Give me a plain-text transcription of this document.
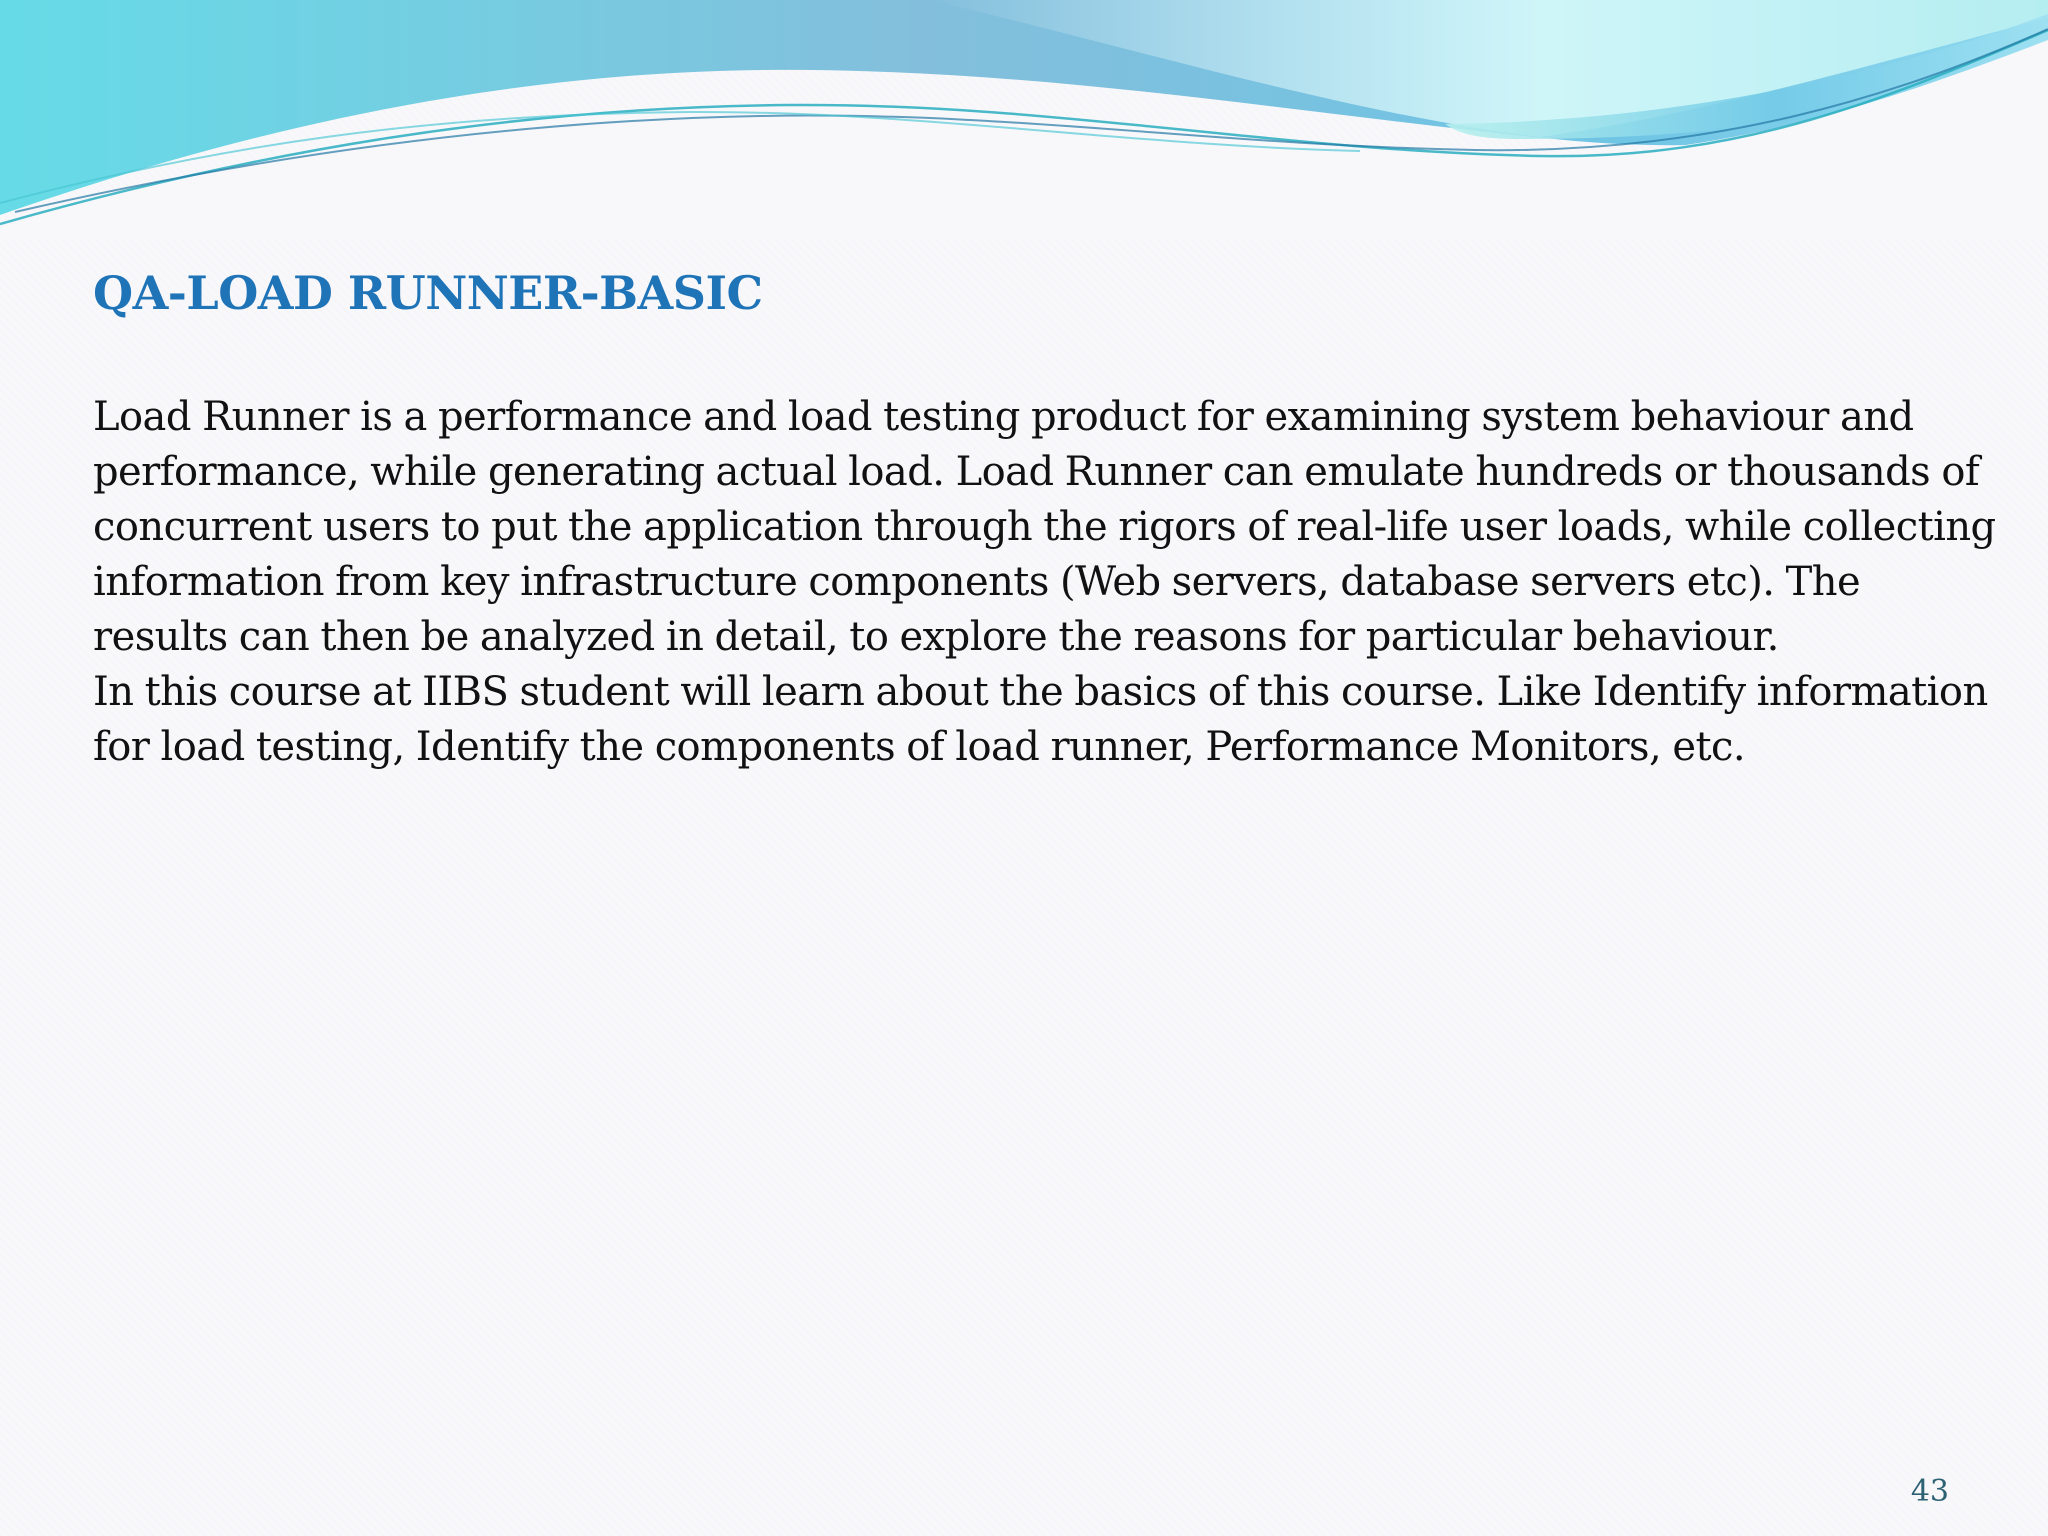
QA-LOAD RUNNER-BASIC
Load Runner is a performance and load testing product for examining system behaviour and
performance, while generating actual load. Load Runner can emulate hundreds or thousands of
concurrent users to put the application through the rigors of real-life user loads, while collecting
information from key infrastructure components (Web servers, database servers etc). The
results can then be analyzed in detail, to explore the reasons for particular behaviour.
In this course at IIBS student will learn about the basics of this course. Like Identify information
for load testing, Identify the components of load runner, Performance Monitors, etc.
43
